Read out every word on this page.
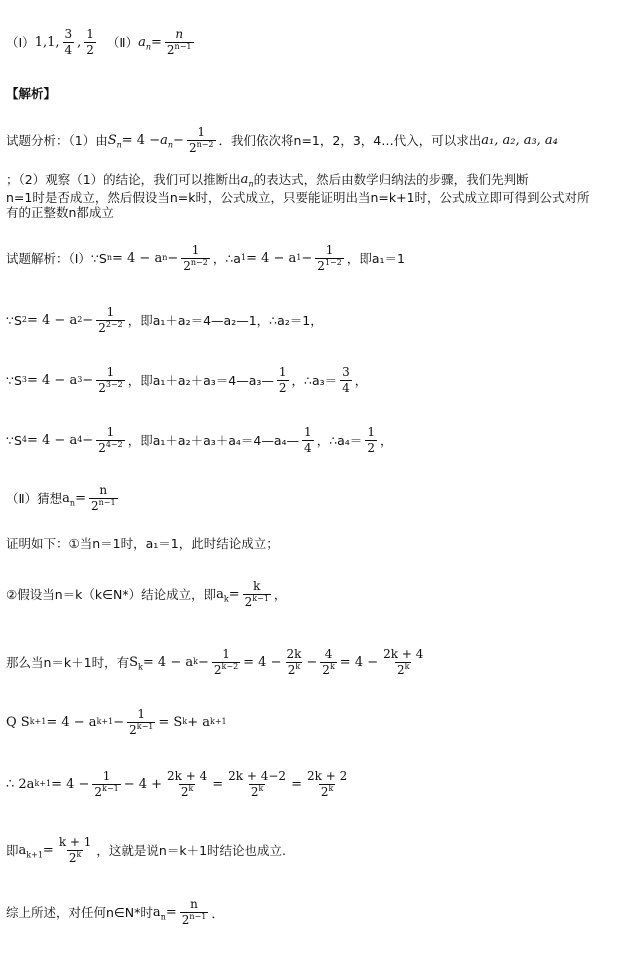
（Ⅰ） 1,1, $\frac{3}{4}$ , $\frac{1}{2}$ （Ⅱ） $a_n = \frac{n}{2^{n-1}}$
【解析】
试题分析：（1）由 $S_n = 4 - a_n - \frac{1}{2^{n-2}}$ ．我们依次将n=1，2，3，4…代入，可以求出 a₁, a₂, a₃, a₄
；（2）观察（1）的结论，我们可以推断出 $a_n$ 的表达式，然后由数学归纳法的步骤，我们先判断
n=1时是否成立，然后假设当n=k时，公式成立，只要能证明出当n=k+1时，公式成立即可得到公式对所
有的正整数n都成立
试题解析：（Ⅰ）∵S n = 4 − a $n - \frac{1}{2^{n-2}}$ ，∴a 1 = 4 − a $1 - \frac{1}{2^{1-2}}$ ，即a₁＝1
∵S 2 = 4 − a $2 - \frac{1}{2^{2-2}}$ ，即a₁＋a₂＝4—a₂—1，∴a₂＝1，
∵S 3 = 4 − a $3 - \frac{1}{2^{3-2}}$ ，即a₁＋a₂＋a₃＝4—a₃— $\frac{1}{2}$ ，∴a₃＝ $\frac{3}{4}$ ，
∵S 4 = 4 − a $4 - \frac{1}{2^{4-2}}$ ，即a₁＋a₂＋a₃＋a₄＝4—a₄— $\frac{1}{4}$ ，∴a₄＝ $\frac{1}{2}$ ，
（Ⅱ）猜想 $a_n = \frac{n}{2^{n-1}}$
证明如下：①当n＝1时，a₁＝1，此时结论成立；
②假设当n＝k（k∈N*）结论成立，即 $a_k = \frac{k}{2^{k-1}}$ ，
那么当n＝k＋1时，有 $S_k = 4 - a$ $k - \frac{1}{2^{k-2}} = 4 - \frac{2k}{2^k} - \frac{4}{2^k} = 4 - \frac{2k + 4}{2^k}$
Q S k+1 = 4 − a $k+1 - \frac{1}{2^{k-1}} = S$ k + a k+1
∴ 2a $k+1 = 4 - \frac{1}{2^{k-1}} - 4 + \frac{2k + 4}{2^k} = \frac{2k + 4-2}{2^k} = \frac{2k + 2}{2^k}$
即 $a_{k+1} = \frac{k + 1}{2^k}$ ，这就是说n＝k＋1时结论也成立.
综上所述，对任何n∈N*时 $a_n = \frac{n}{2^{n-1}}$ ．
